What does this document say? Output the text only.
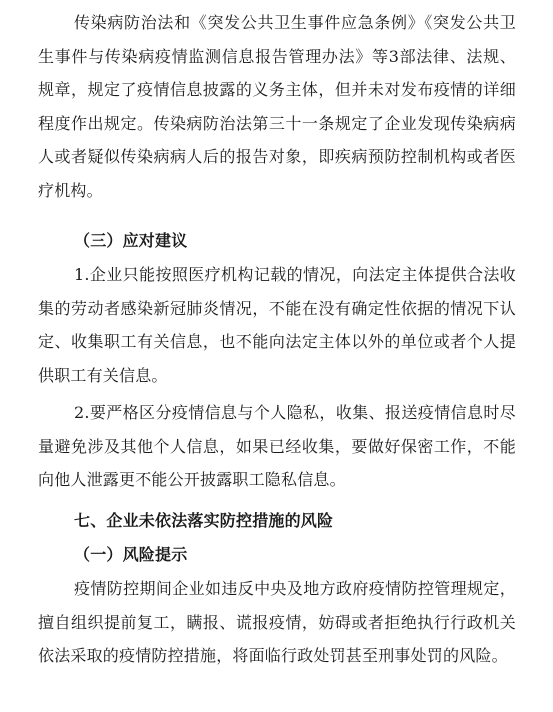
传染病防治法和《突发公共卫生事件应急条例》《突发公共卫生事件与传染病疫情监测信息报告管理办法》等3部法律、法规、规章，规定了疫情信息披露的义务主体，但并未对发布疫情的详细程度作出规定。传染病防治法第三十一条规定了企业发现传染病病人或者疑似传染病病人后的报告对象，即疾病预防控制机构或者医疗机构。

（三）应对建议

1.企业只能按照医疗机构记载的情况，向法定主体提供合法收集的劳动者感染新冠肺炎情况，不能在没有确定性依据的情况下认定、收集职工有关信息，也不能向法定主体以外的单位或者个人提供职工有关信息。

2.要严格区分疫情信息与个人隐私，收集、报送疫情信息时尽量避免涉及其他个人信息，如果已经收集，要做好保密工作，不能向他人泄露更不能公开披露职工隐私信息。

七、企业未依法落实防控措施的风险
（一）风险提示

疫情防控期间企业如违反中央及地方政府疫情防控管理规定，擅自组织提前复工，瞒报、谎报疫情，妨碍或者拒绝执行行政机关依法采取的疫情防控措施，将面临行政处罚甚至刑事处罚的风险。
